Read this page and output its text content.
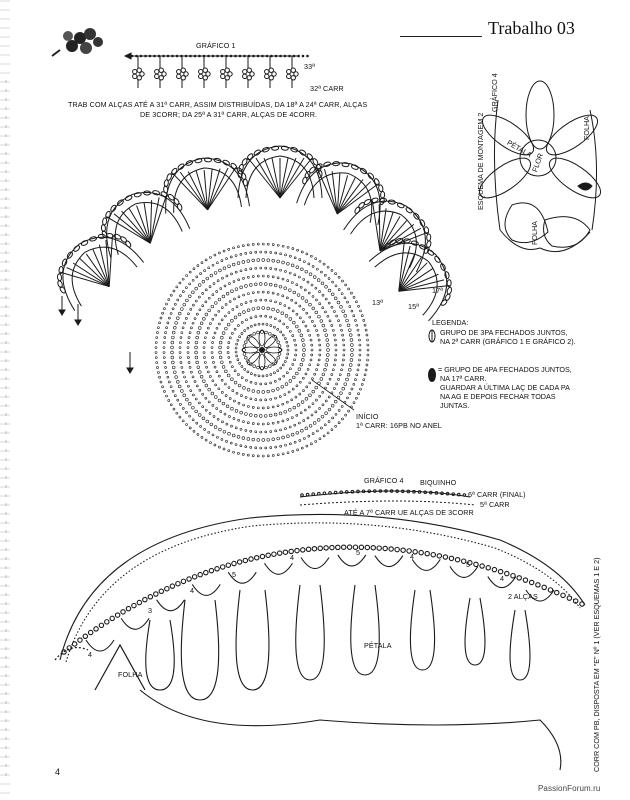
Trabalho 03
GRÁFICO 1
33ª
32ª CARR
TRAB COM ALÇAS ATÉ A 31ª CARR, ASSIM DISTRIBUÍDAS, DA 18ª A 24ª CARR, ALÇAS
DE 3CORR; DA 25ª A 31ª CARR, ALÇAS DE 4CORR.
17ª
15ª
13ª
INÍCIO
1ª CARR: 16PB NO ANEL
ESQUEMA DE MONTAGEM 2
GRÁFICO 4
FOLHA
FOLHA
PÉTALA
FLOR
LEGENDA:
GRUPO DE 3PA FECHADOS JUNTOS,
NA 2ª CARR (GRÁFICO 1 E GRÁFICO 2).
= GRUPO DE 4PA FECHADOS JUNTOS,
NA 17ª CARR.
GUARDAR A ÚLTIMA LAÇ DE CADA PA
NA AG E DEPOIS FECHAR TODAS
JUNTAS.
GRÁFICO 4 BIQUINHO
6ª CARR (FINAL)
5ª CARR
ATÉ A 7ª CARR UE ALÇAS DE 3CORR
2 ALÇAS
PÉTALA
FOLHA	CORR COM PB, DISPOSTA EM "E" Nº 1 (VER ESQUEMAS 1 E 2)
4
3
4
5
4
5	4
5
4
4
PassionForum.ru
